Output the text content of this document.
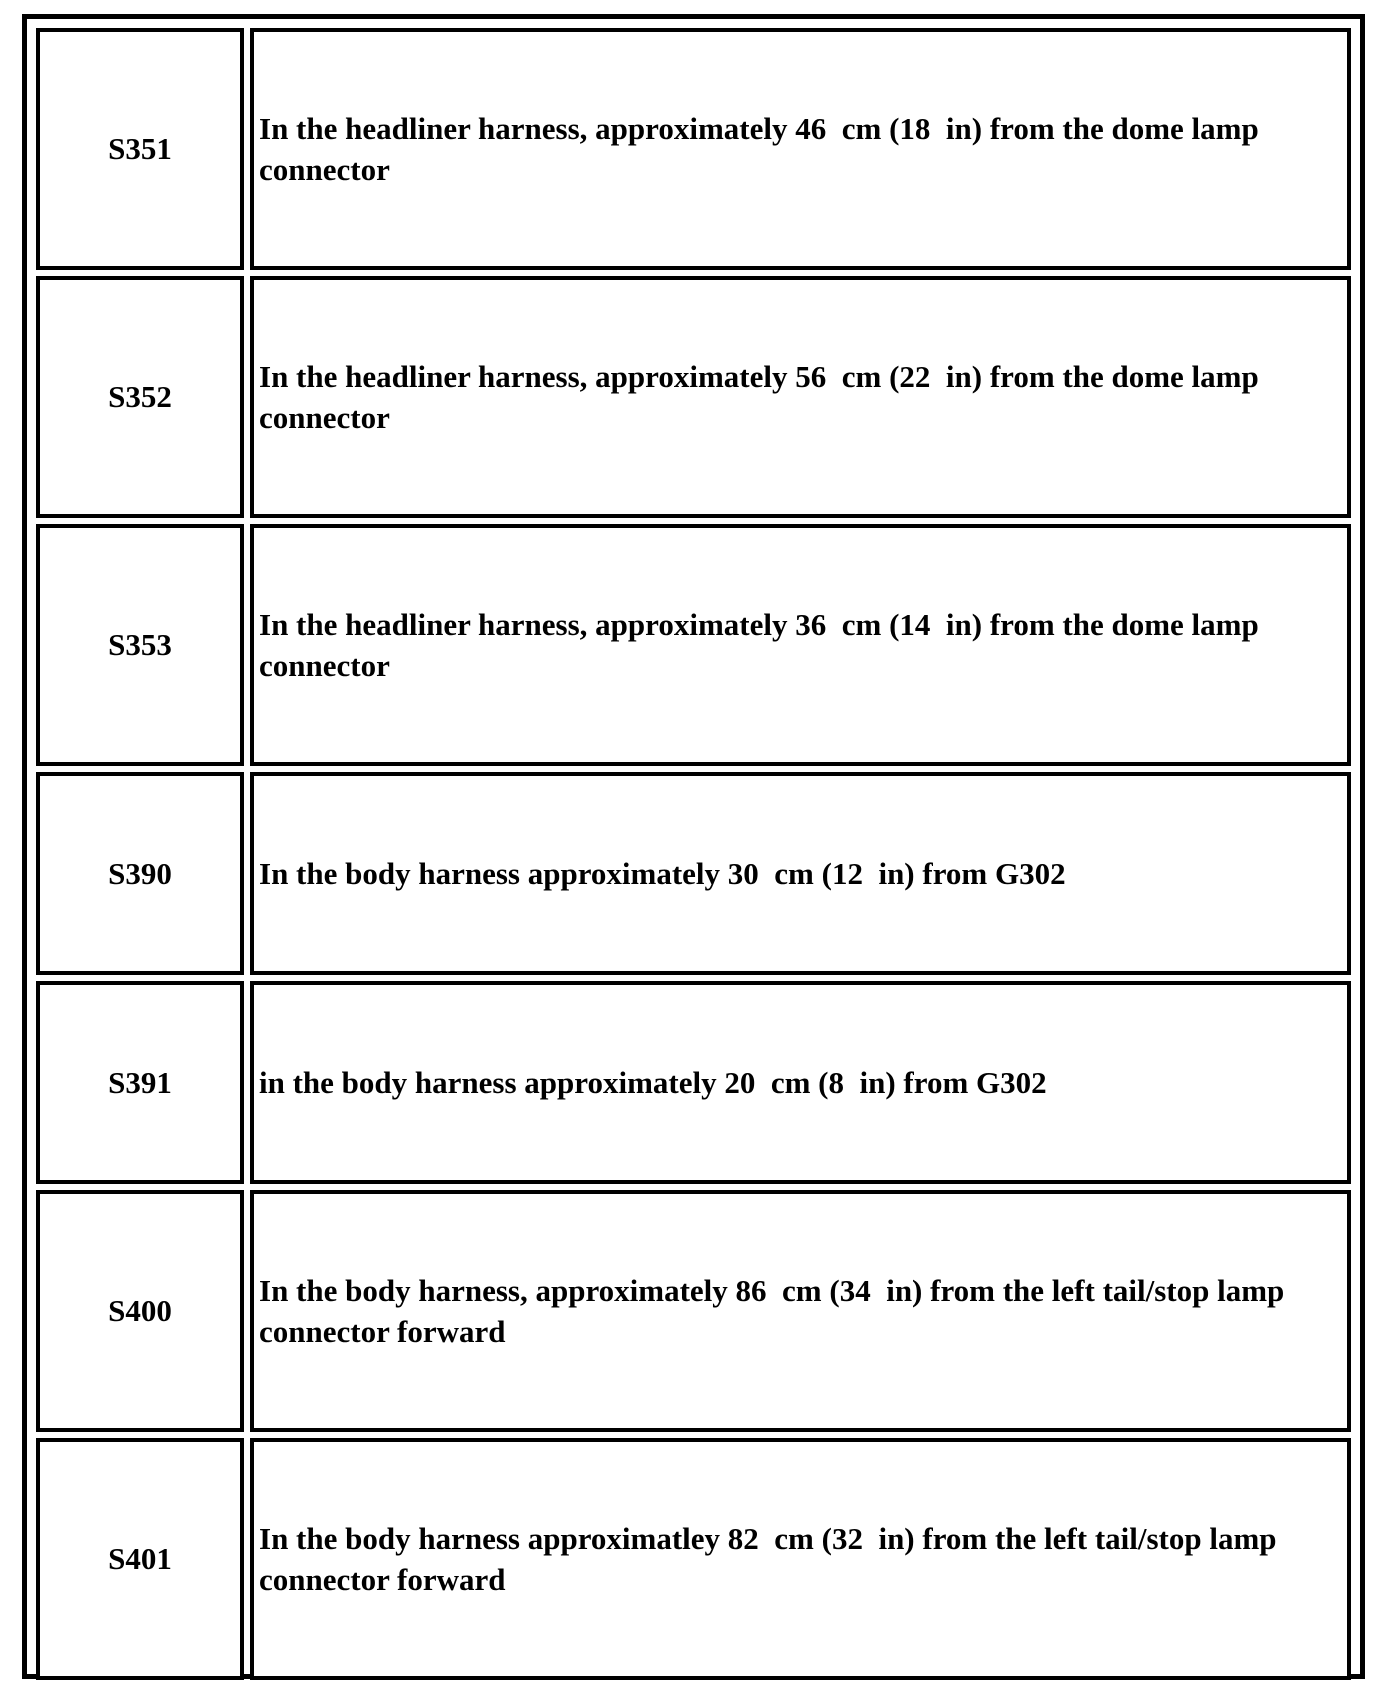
S351	In the headliner harness, approximately 46  cm (18  in) from the dome lamp connector
S352	In the headliner harness, approximately 56  cm (22  in) from the dome lamp connector
S353	In the headliner harness, approximately 36  cm (14  in) from the dome lamp connector
S390	In the body harness approximately 30  cm (12  in) from G302
S391	in the body harness approximately 20  cm (8  in) from G302
S400	In the body harness, approximately 86  cm (34  in) from the left tail/stop lamp connector forward
S401	In the body harness approximatley 82  cm (32  in) from the left tail/stop lamp connector forward
